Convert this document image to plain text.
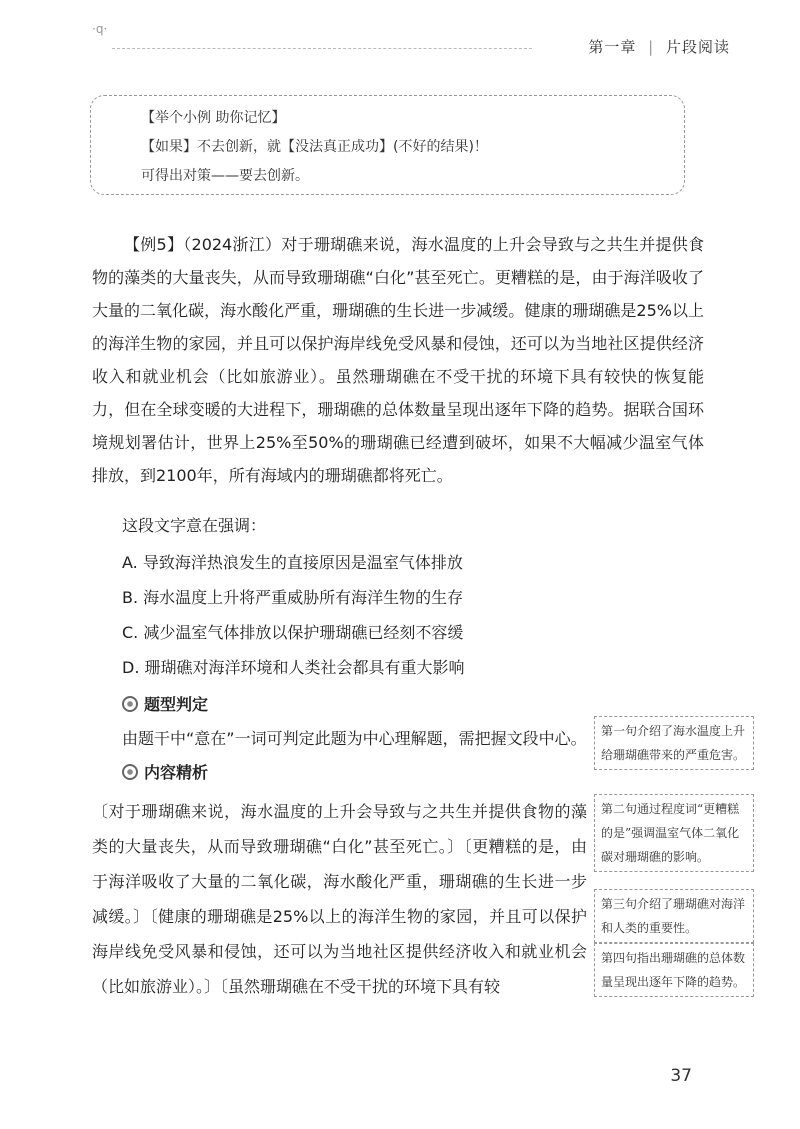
·q·
第一章 | 片段阅读
【举个小例 助你记忆】
【如果】不去创新，就【没法真正成功】(不好的结果)！
可得出对策——要去创新。
【例5】（2024浙江）对于珊瑚礁来说，海水温度的上升会导致与之共生并提供食物的藻类的大量丧失，从而导致珊瑚礁“白化”甚至死亡。更糟糕的是，由于海洋吸收了大量的二氧化碳，海水酸化严重，珊瑚礁的生长进一步减缓。健康的珊瑚礁是25%以上的海洋生物的家园，并且可以保护海岸线免受风暴和侵蚀，还可以为当地社区提供经济收入和就业机会（比如旅游业）。虽然珊瑚礁在不受干扰的环境下具有较快的恢复能力，但在全球变暖的大进程下，珊瑚礁的总体数量呈现出逐年下降的趋势。据联合国环境规划署估计，世界上25%至50%的珊瑚礁已经遭到破坏，如果不大幅减少温室气体排放，到2100年，所有海域内的珊瑚礁都将死亡。
这段文字意在强调：
A. 导致海洋热浪发生的直接原因是温室气体排放
B. 海水温度上升将严重威胁所有海洋生物的生存
C. 减少温室气体排放以保护珊瑚礁已经刻不容缓
D. 珊瑚礁对海洋环境和人类社会都具有重大影响
题型判定
由题干中“意在”一词可判定此题为中心理解题，需把握文段中心。
内容精析
〔对于珊瑚礁来说，海水温度的上升会导致与之共生并提供食物的藻类的大量丧失，从而导致珊瑚礁“白化”甚至死亡。〕〔更糟糕的是，由于海洋吸收了大量的二氧化碳，海水酸化严重，珊瑚礁的生长进一步减缓。〕〔健康的珊瑚礁是25%以上的海洋生物的家园，并且可以保护海岸线免受风暴和侵蚀，还可以为当地社区提供经济收入和就业机会（比如旅游业）。〕〔虽然珊瑚礁在不受干扰的环境下具有较
第一句介绍了海水温度上升给珊瑚礁带来的严重危害。
第二句通过程度词“更糟糕的是”强调温室气体二氧化碳对珊瑚礁的影响。
第三句介绍了珊瑚礁对海洋和人类的重要性。
第四句指出珊瑚礁的总体数量呈现出逐年下降的趋势。
37
